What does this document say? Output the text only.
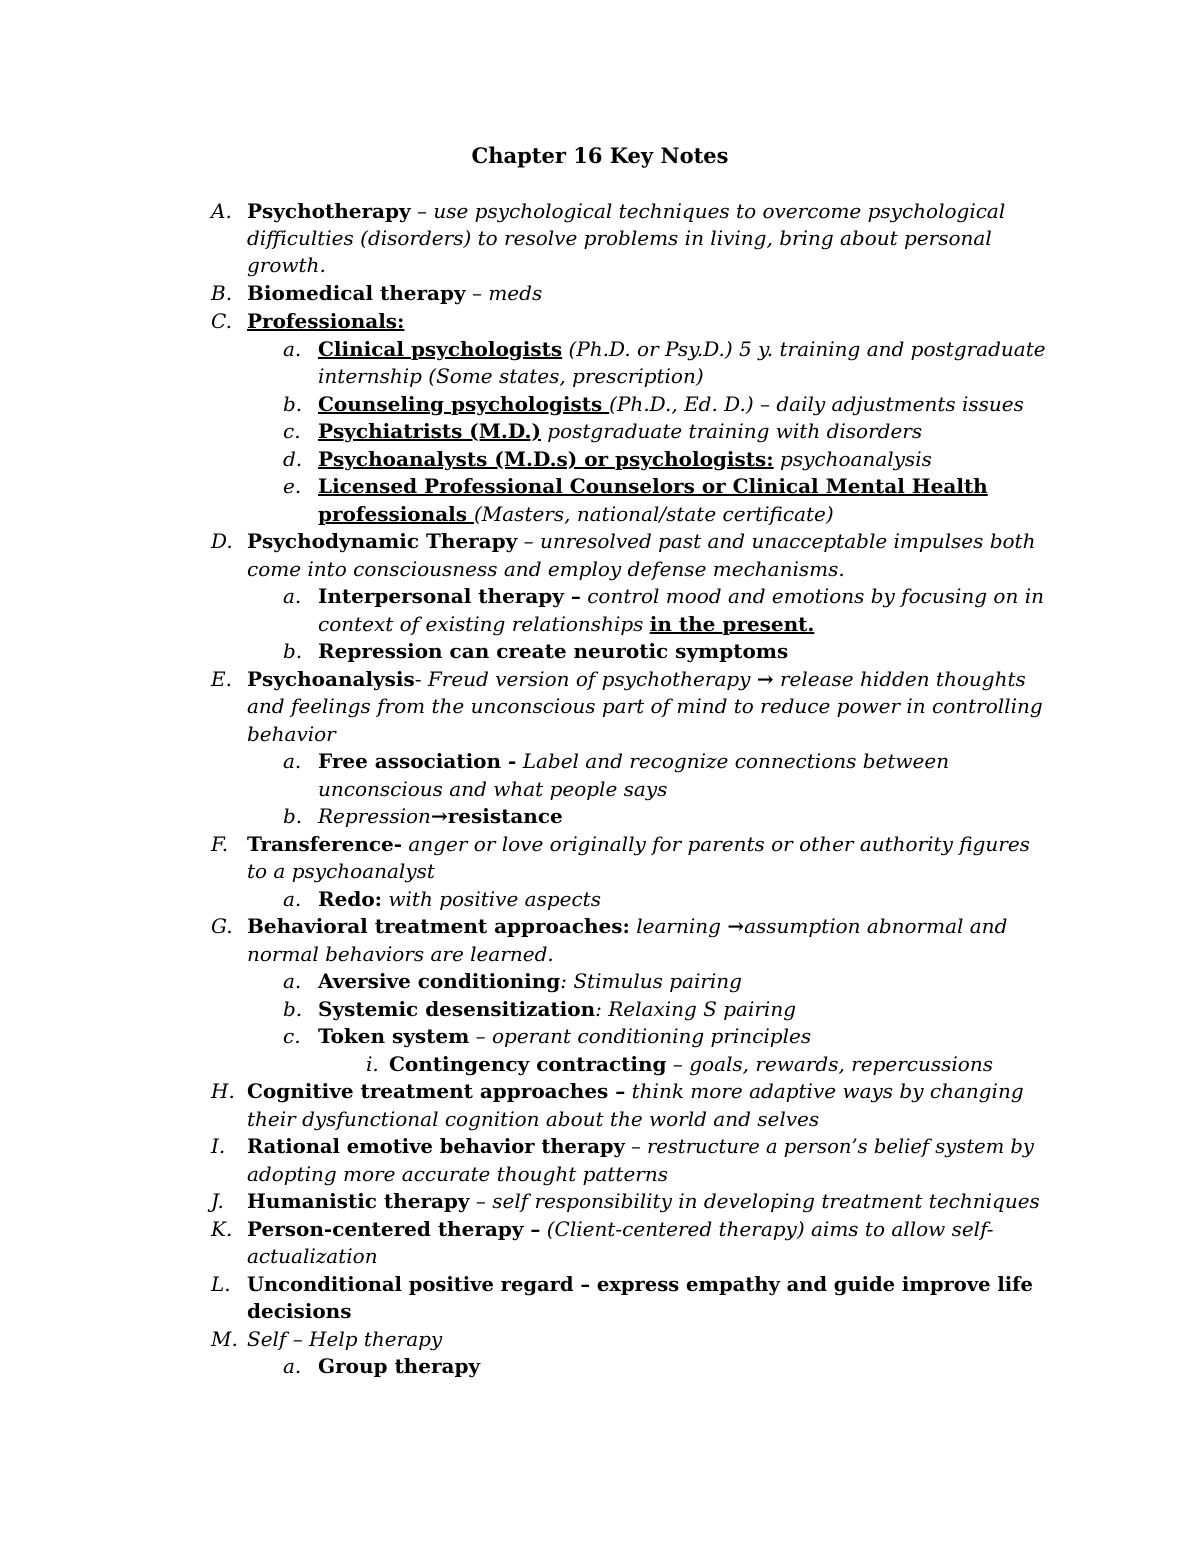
Chapter 16 Key Notes
A. Psychotherapy – use psychological techniques to overcome psychological
difficulties (disorders) to resolve problems in living, bring about personal
growth.
B. Biomedical therapy – meds
C. Professionals:
a. Clinical psychologists (Ph.D. or Psy.D.) 5 y. training and postgraduate
internship (Some states, prescription)
b. Counseling psychologists (Ph.D., Ed. D.) – daily adjustments issues
c. Psychiatrists (M.D.) postgraduate training with disorders
d. Psychoanalysts (M.D.s) or psychologists: psychoanalysis
e. Licensed Professional Counselors or Clinical Mental Health
professionals (Masters, national/state certificate)
D. Psychodynamic Therapy – unresolved past and unacceptable impulses both
come into consciousness and employ defense mechanisms.
a. Interpersonal therapy – control mood and emotions by focusing on in
context of existing relationships in the present.
b. Repression can create neurotic symptoms
E. Psychoanalysis- Freud version of psychotherapy → release hidden thoughts
and feelings from the unconscious part of mind to reduce power in controlling
behavior
a. Free association - Label and recognize connections between
unconscious and what people says
b. Repression→resistance
F. Transference- anger or love originally for parents or other authority figures
to a psychoanalyst
a. Redo: with positive aspects
G. Behavioral treatment approaches: learning →assumption abnormal and
normal behaviors are learned.
a. Aversive conditioning: Stimulus pairing
b. Systemic desensitization: Relaxing S pairing
c. Token system – operant conditioning principles
i. Contingency contracting – goals, rewards, repercussions
H. Cognitive treatment approaches – think more adaptive ways by changing
their dysfunctional cognition about the world and selves
I. Rational emotive behavior therapy – restructure a person’s belief system by
adopting more accurate thought patterns
J. Humanistic therapy – self responsibility in developing treatment techniques
K. Person-centered therapy – (Client-centered therapy) aims to allow self-
actualization
L. Unconditional positive regard – express empathy and guide improve life
decisions
M. Self – Help therapy
a. Group therapy
